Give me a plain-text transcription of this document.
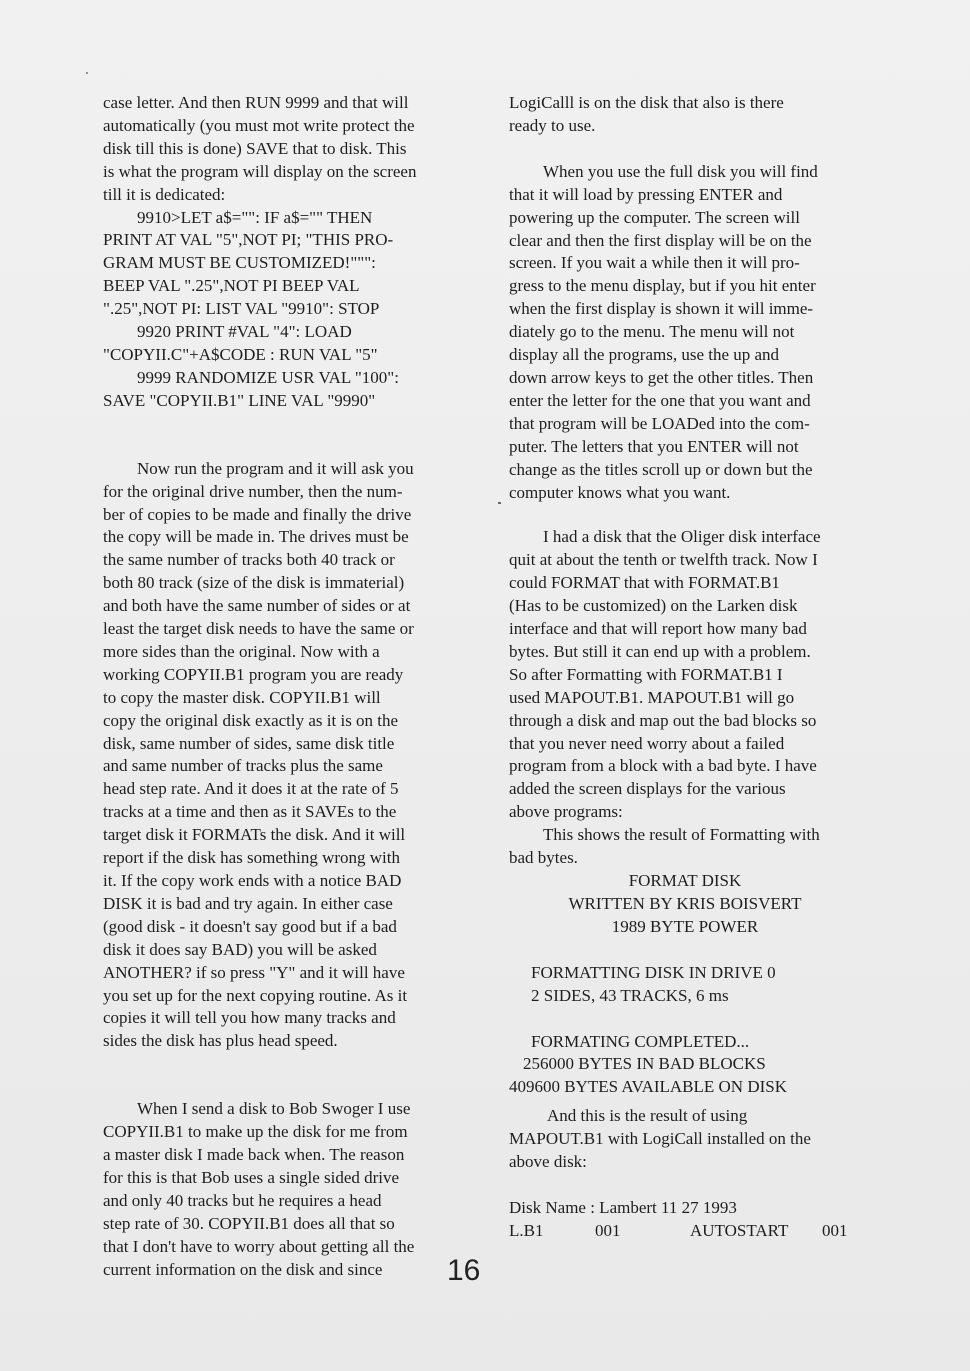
case letter. And then RUN 9999 and that will

automatically (you must mot write protect the

disk till this is done) SAVE that to disk. This

is what the program will display on the screen

till it is dedicated:

9910>LET a$="": IF a$="" THEN

PRINT AT VAL "5",NOT PI; "THIS PRO-

GRAM MUST BE CUSTOMIZED!""":

BEEP VAL ".25",NOT PI BEEP VAL

".25",NOT PI: LIST VAL "9910": STOP

9920 PRINT #VAL "4": LOAD

"COPYII.C"+A$CODE : RUN VAL "5"

9999 RANDOMIZE USR VAL "100":

SAVE "COPYII.B1" LINE VAL "9990"

Now run the program and it will ask you

for the original drive number, then the num-

ber of copies to be made and finally the drive

the copy will be made in. The drives must be

the same number of tracks both 40 track or

both 80 track (size of the disk is immaterial)

and both have the same number of sides or at

least the target disk needs to have the same or

more sides than the original. Now with a

working COPYII.B1 program you are ready

to copy the master disk. COPYII.B1 will

copy the original disk exactly as it is on the

disk, same number of sides, same disk title

and same number of tracks plus the same

head step rate. And it does it at the rate of 5

tracks at a time and then as it SAVEs to the

target disk it FORMATs the disk. And it will

report if the disk has something wrong with

it. If the copy work ends with a notice BAD

DISK it is bad and try again. In either case

(good disk - it doesn't say good but if a bad

disk it does say BAD) you will be asked

ANOTHER? if so press "Y" and it will have

you set up for the next copying routine. As it

copies it will tell you how many tracks and

sides the disk has plus head speed.

When I send a disk to Bob Swoger I use

COPYII.B1 to make up the disk for me from

a master disk I made back when. The reason

for this is that Bob uses a single sided drive

and only 40 tracks but he requires a head

step rate of 30. COPYII.B1 does all that so

that I don't have to worry about getting all the

current information on the disk and since

LogiCalll is on the disk that also is there

ready to use.

When you use the full disk you will find

that it will load by pressing ENTER and

powering up the computer. The screen will

clear and then the first display will be on the

screen. If you wait a while then it will pro-

gress to the menu display, but if you hit enter

when the first display is shown it will imme-

diately go to the menu. The menu will not

display all the programs, use the up and

down arrow keys to get the other titles. Then

enter the letter for the one that you want and

that program will be LOADed into the com-

puter. The letters that you ENTER will not

change as the titles scroll up or down but the

computer knows what you want.

I had a disk that the Oliger disk interface

quit at about the tenth or twelfth track. Now I

could FORMAT that with FORMAT.B1

(Has to be customized) on the Larken disk

interface and that will report how many bad

bytes. But still it can end up with a problem.

So after Formatting with FORMAT.B1 I

used MAPOUT.B1. MAPOUT.B1 will go

through a disk and map out the bad blocks so

that you never need worry about a failed

program from a block with a bad byte. I have

added the screen displays for the various

above programs:

This shows the result of Formatting with

bad bytes.

FORMAT DISK

WRITTEN BY KRIS BOISVERT

1989 BYTE POWER

FORMATTING DISK IN DRIVE 0

2 SIDES, 43 TRACKS, 6 ms

FORMATING COMPLETED...

256000 BYTES IN BAD BLOCKS

409600 BYTES AVAILABLE ON DISK

And this is the result of using

MAPOUT.B1 with LogiCall installed on the

above disk:

Disk Name : Lambert 11 27 1993

L.B1	001	AUTOSTART 001

16
